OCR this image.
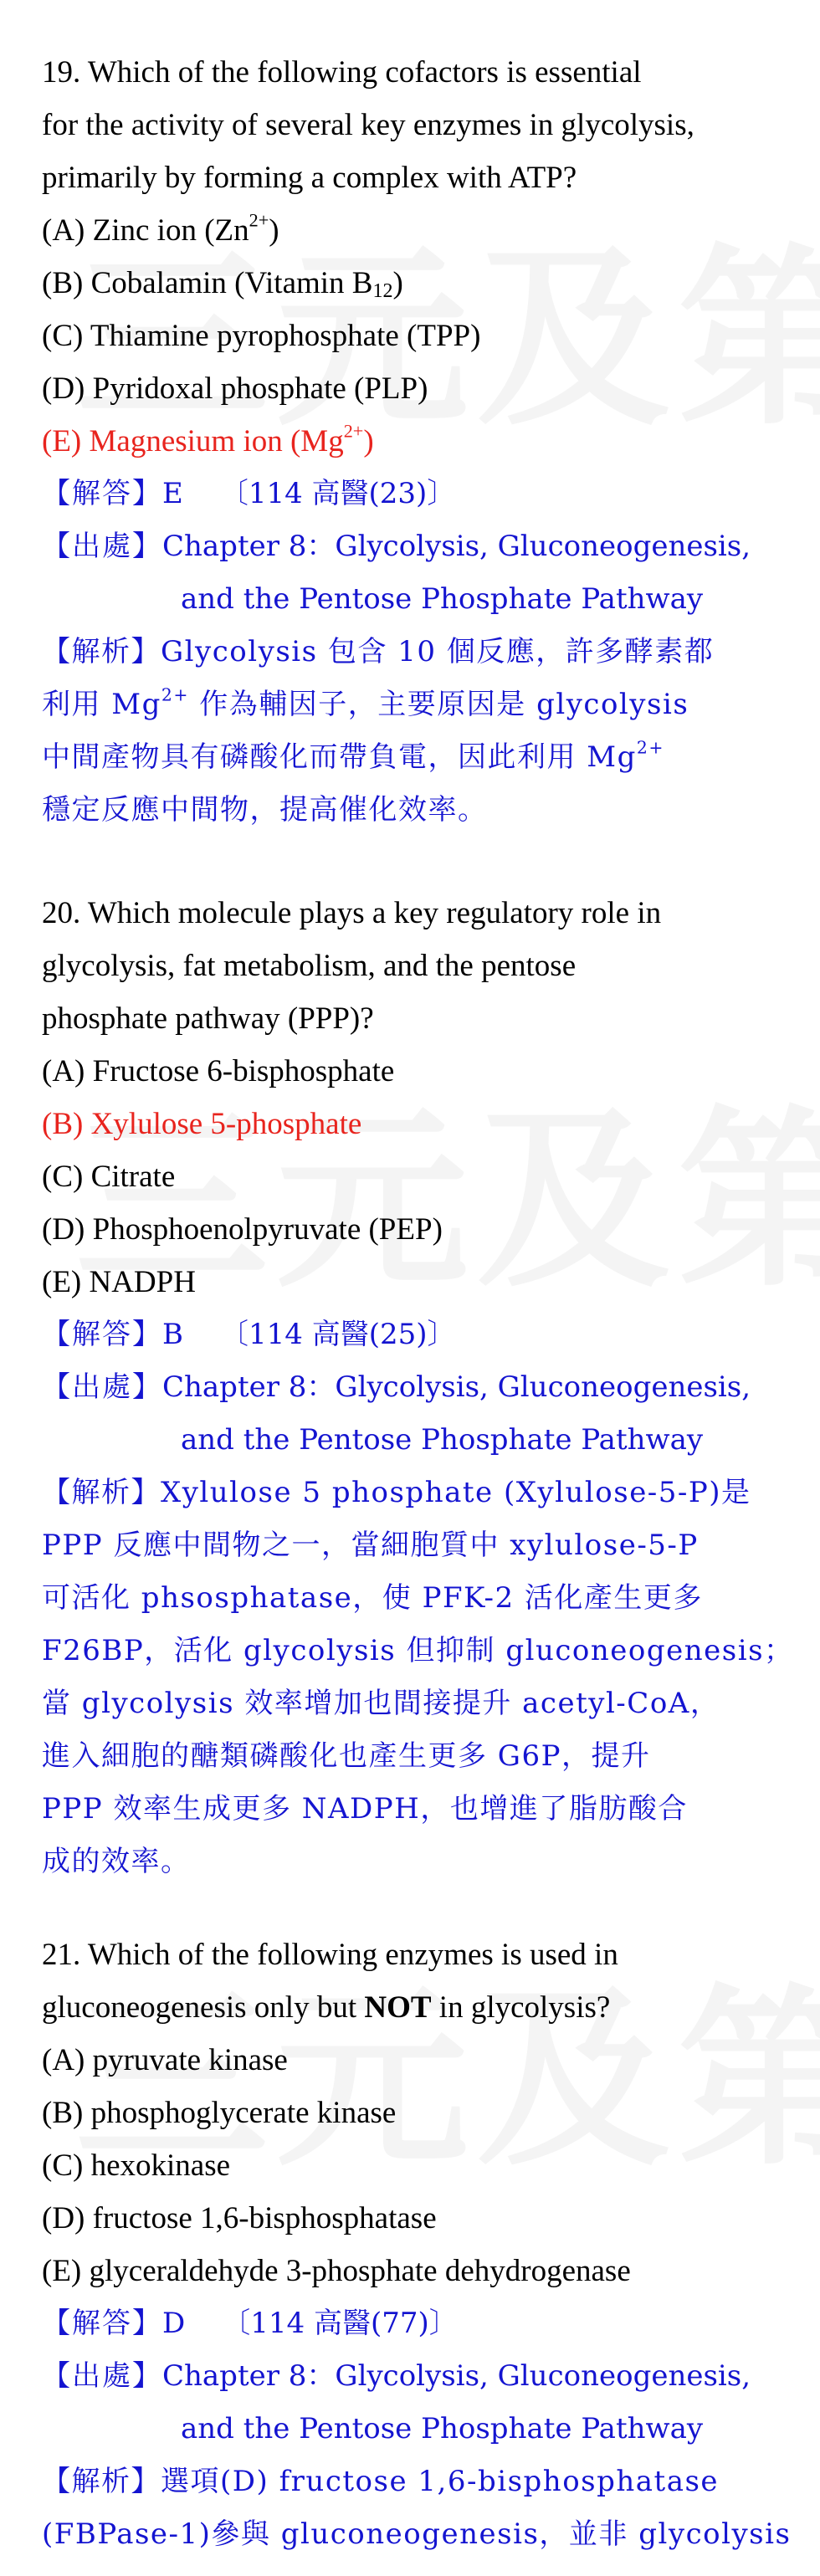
19. Which of the following cofactors is essential
for the activity of several key enzymes in glycolysis,
primarily by forming a complex with ATP?
(A) Zinc ion $(Zn^{2+})$
(B) Cobalamin (Vitamin $B_{12}$)
(C) Thiamine pyrophosphate (TPP)
(D) Pyridoxal phosphate (PLP)
(E) Magnesium ion $(Mg^{2+})$
【解答】E 〔114 高醫(23)〕
【出處】Chapter 8：Glycolysis, Gluconeogenesis,
and the Pentose Phosphate Pathway
【解析】Glycolysis 包含 10 個反應，許多酵素都
利用 $Mg^{2+}$ 作為輔因子，主要原因是 glycolysis
中間產物具有磷酸化而帶負電，因此利用 $Mg^{2+}$
穩定反應中間物，提高催化效率。
20. Which molecule plays a key regulatory role in
glycolysis, fat metabolism, and the pentose
phosphate pathway (PPP)?
(A) Fructose 6-bisphosphate
(B) Xylulose 5-phosphate
(C) Citrate
(D) Phosphoenolpyruvate (PEP)
(E) NADPH
【解答】B 〔114 高醫(25)〕
【出處】Chapter 8：Glycolysis, Gluconeogenesis,
and the Pentose Phosphate Pathway
【解析】Xylulose 5 phosphate (Xylulose-5-P)是
PPP 反應中間物之一，當細胞質中 xylulose-5-P
可活化 phsosphatase，使 PFK-2 活化產生更多
F26BP，活化 glycolysis 但抑制 gluconeogenesis；
當 glycolysis 效率增加也間接提升 acetyl-CoA，
進入細胞的醣類磷酸化也產生更多 G6P，提升
PPP 效率生成更多 NADPH，也增進了脂肪酸合
成的效率。
21. Which of the following enzymes is used in
gluconeogenesis only but NOT in glycolysis?
(A) pyruvate kinase
(B) phosphoglycerate kinase
(C) hexokinase
(D) fructose 1,6-bisphosphatase
(E) glyceraldehyde 3-phosphate dehydrogenase
【解答】D 〔114 高醫(77)〕
【出處】Chapter 8：Glycolysis, Gluconeogenesis,
and the Pentose Phosphate Pathway
【解析】選項(D) fructose 1,6-bisphosphatase
(FBPase-1)參與 gluconeogenesis，並非 glycolysis
